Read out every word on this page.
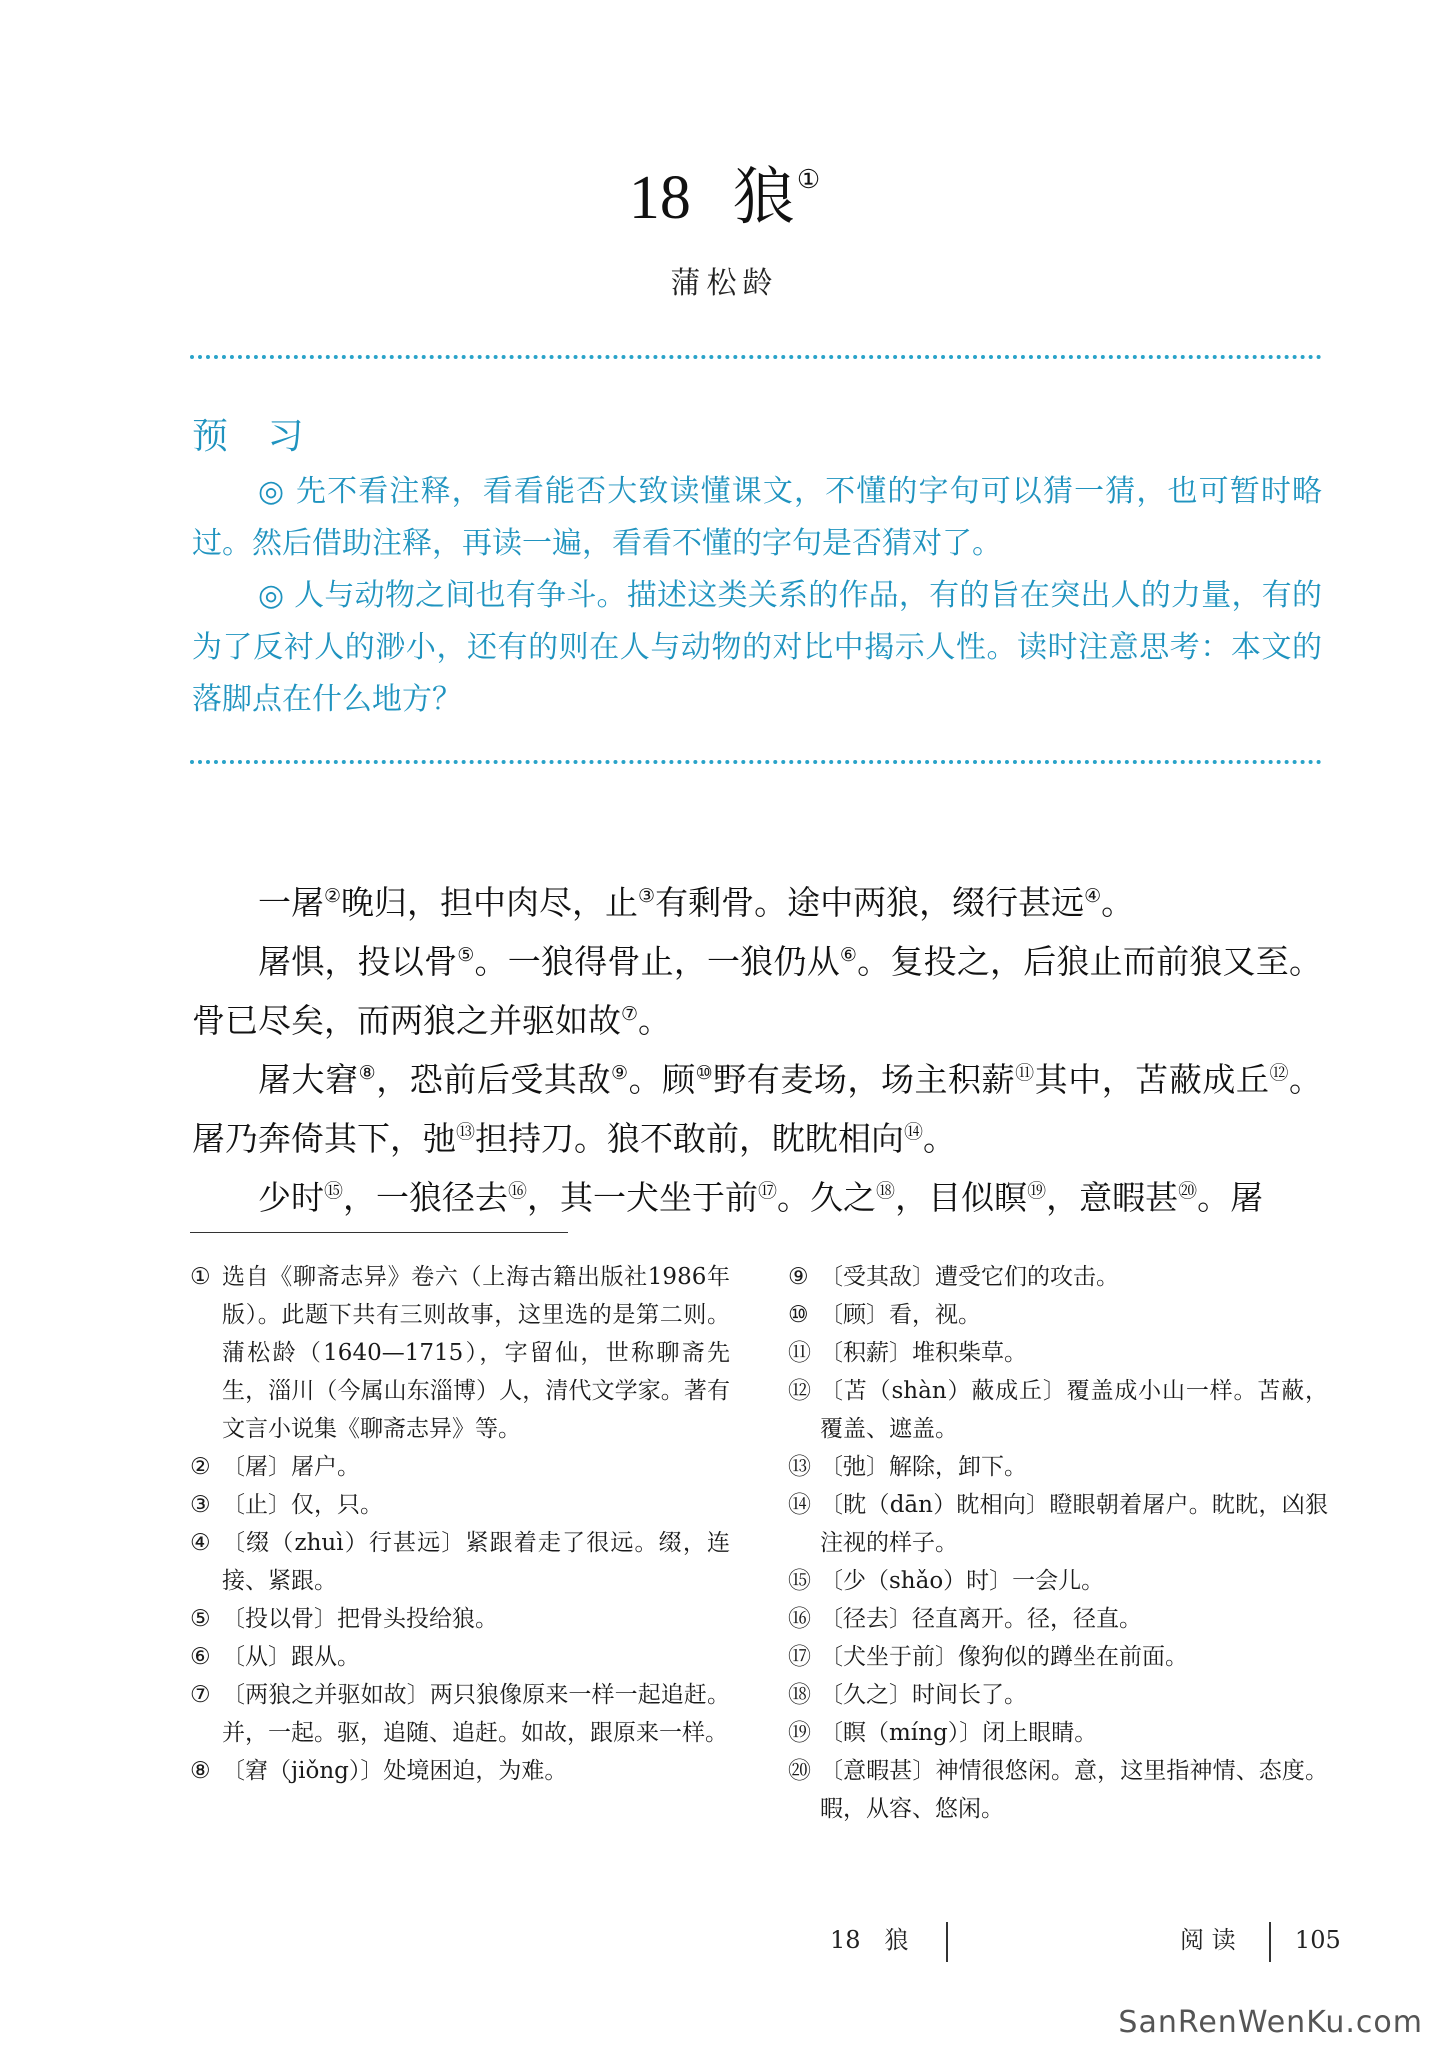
18 狼①
蒲松龄
预 习

◎ 先不看注释，看看能否大致读懂课文，不懂的字句可以猜一猜，也可暂时略过。然后借助注释，再读一遍，看看不懂的字句是否猜对了。

◎ 人与动物之间也有争斗。描述这类关系的作品，有的旨在突出人的力量，有的为了反衬人的渺小，还有的则在人与动物的对比中揭示人性。读时注意思考：本文的落脚点在什么地方？

一屠②晚归，担中肉尽，止③有剩骨。途中两狼，缀行甚远④。

屠惧，投以骨⑤。一狼得骨止，一狼仍从⑥。复投之，后狼止而前狼又至。骨已尽矣，而两狼之并驱如故⑦。

屠大窘⑧，恐前后受其敌⑨。顾⑩野有麦场，场主积薪⑪其中，苫蔽成丘⑫。屠乃奔倚其下，弛⑬担持刀。狼不敢前，眈眈相向⑭。

少时⑮，一狼径去⑯，其一犬坐于前⑰。久之⑱，目似瞑⑲，意暇甚⑳。屠

① 选自《聊斋志异》卷六（上海古籍出版社1986年版）。此题下共有三则故事，这里选的是第二则。蒲松龄（1640—1715），字留仙，世称聊斋先生，淄川（今属山东淄博）人，清代文学家。著有文言小说集《聊斋志异》等。
② 〔屠〕屠户。
③ 〔止〕仅，只。
④ 〔缀（zhuì）行甚远〕紧跟着走了很远。缀，连接、紧跟。
⑤ 〔投以骨〕把骨头投给狼。
⑥ 〔从〕跟从。
⑦ 〔两狼之并驱如故〕两只狼像原来一样一起追赶。并，一起。驱，追随、追赶。如故，跟原来一样。
⑧ 〔窘（jiǒng）〕处境困迫，为难。
⑨ 〔受其敌〕遭受它们的攻击。
⑩ 〔顾〕看，视。
⑪ 〔积薪〕堆积柴草。
⑫ 〔苫（shàn）蔽成丘〕覆盖成小山一样。苫蔽，覆盖、遮盖。
⑬ 〔弛〕解除，卸下。
⑭ 〔眈（dān）眈相向〕瞪眼朝着屠户。眈眈，凶狠注视的样子。
⑮ 〔少（shǎo）时〕一会儿。
⑯ 〔径去〕径直离开。径，径直。
⑰ 〔犬坐于前〕像狗似的蹲坐在前面。
⑱ 〔久之〕时间长了。
⑲ 〔瞑（míng）〕闭上眼睛。
⑳ 〔意暇甚〕神情很悠闲。意，这里指神情、态度。暇，从容、悠闲。
18　狼	阅 读 105
SanRenWenKu.com
